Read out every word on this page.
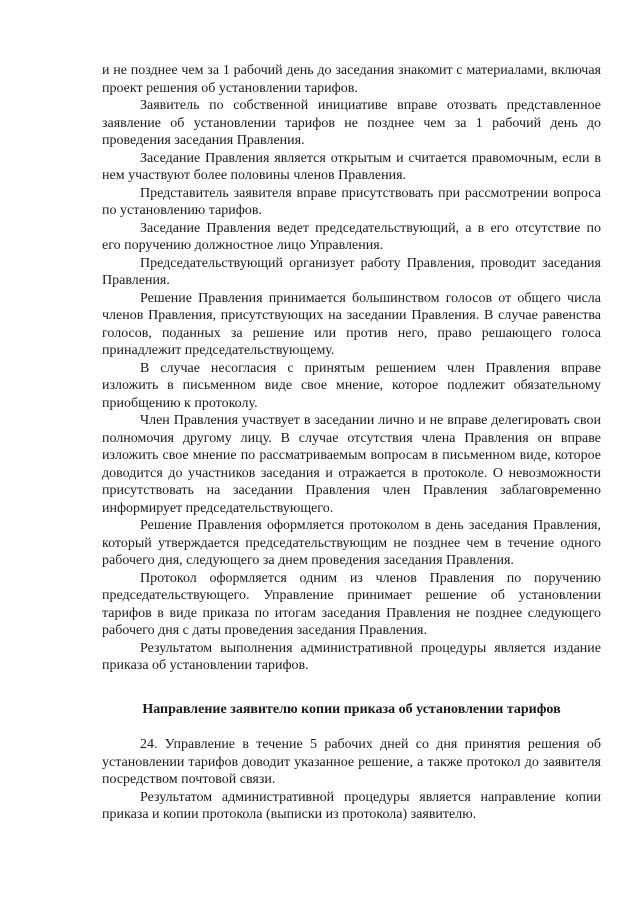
и не позднее чем за 1 рабочий день до заседания знакомит с материалами, включая проект решения об установлении тарифов.

Заявитель по собственной инициативе вправе отозвать представленное заявление об установлении тарифов не позднее чем за 1 рабочий день до проведения заседания Правления.

Заседание Правления является открытым и считается правомочным, если в нем участвуют более половины членов Правления.

Представитель заявителя вправе присутствовать при рассмотрении вопроса по установлению тарифов.

Заседание Правления ведет председательствующий, а в его отсутствие по его поручению должностное лицо Управления.

Председательствующий организует работу Правления, проводит заседания Правления.

Решение Правления принимается большинством голосов от общего числа членов Правления, присутствующих на заседании Правления. В случае равенства голосов, поданных за решение или против него, право решающего голоса принадлежит председательствующему.

В случае несогласия с принятым решением член Правления вправе изложить в письменном виде свое мнение, которое подлежит обязательному приобщению к протоколу.

Член Правления участвует в заседании лично и не вправе делегировать свои полномочия другому лицу. В случае отсутствия члена Правления он вправе изложить свое мнение по рассматриваемым вопросам в письменном виде, которое доводится до участников заседания и отражается в протоколе. О невозможности присутствовать на заседании Правления член Правления заблаговременно информирует председательствующего.

Решение Правления оформляется протоколом в день заседания Правления, который утверждается председательствующим не позднее чем в течение одного рабочего дня, следующего за днем проведения заседания Правления.

Протокол оформляется одним из членов Правления по поручению председательствующего. Управление принимает решение об установлении тарифов в виде приказа по итогам заседания Правления не позднее следующего рабочего дня с даты проведения заседания Правления.

Результатом выполнения административной процедуры является издание приказа об установлении тарифов.

Направление заявителю копии приказа об установлении тарифов

24. Управление в течение 5 рабочих дней со дня принятия решения об установлении тарифов доводит указанное решение, а также протокол до заявителя посредством почтовой связи.

Результатом административной процедуры является направление копии приказа и копии протокола (выписки из протокола) заявителю.
